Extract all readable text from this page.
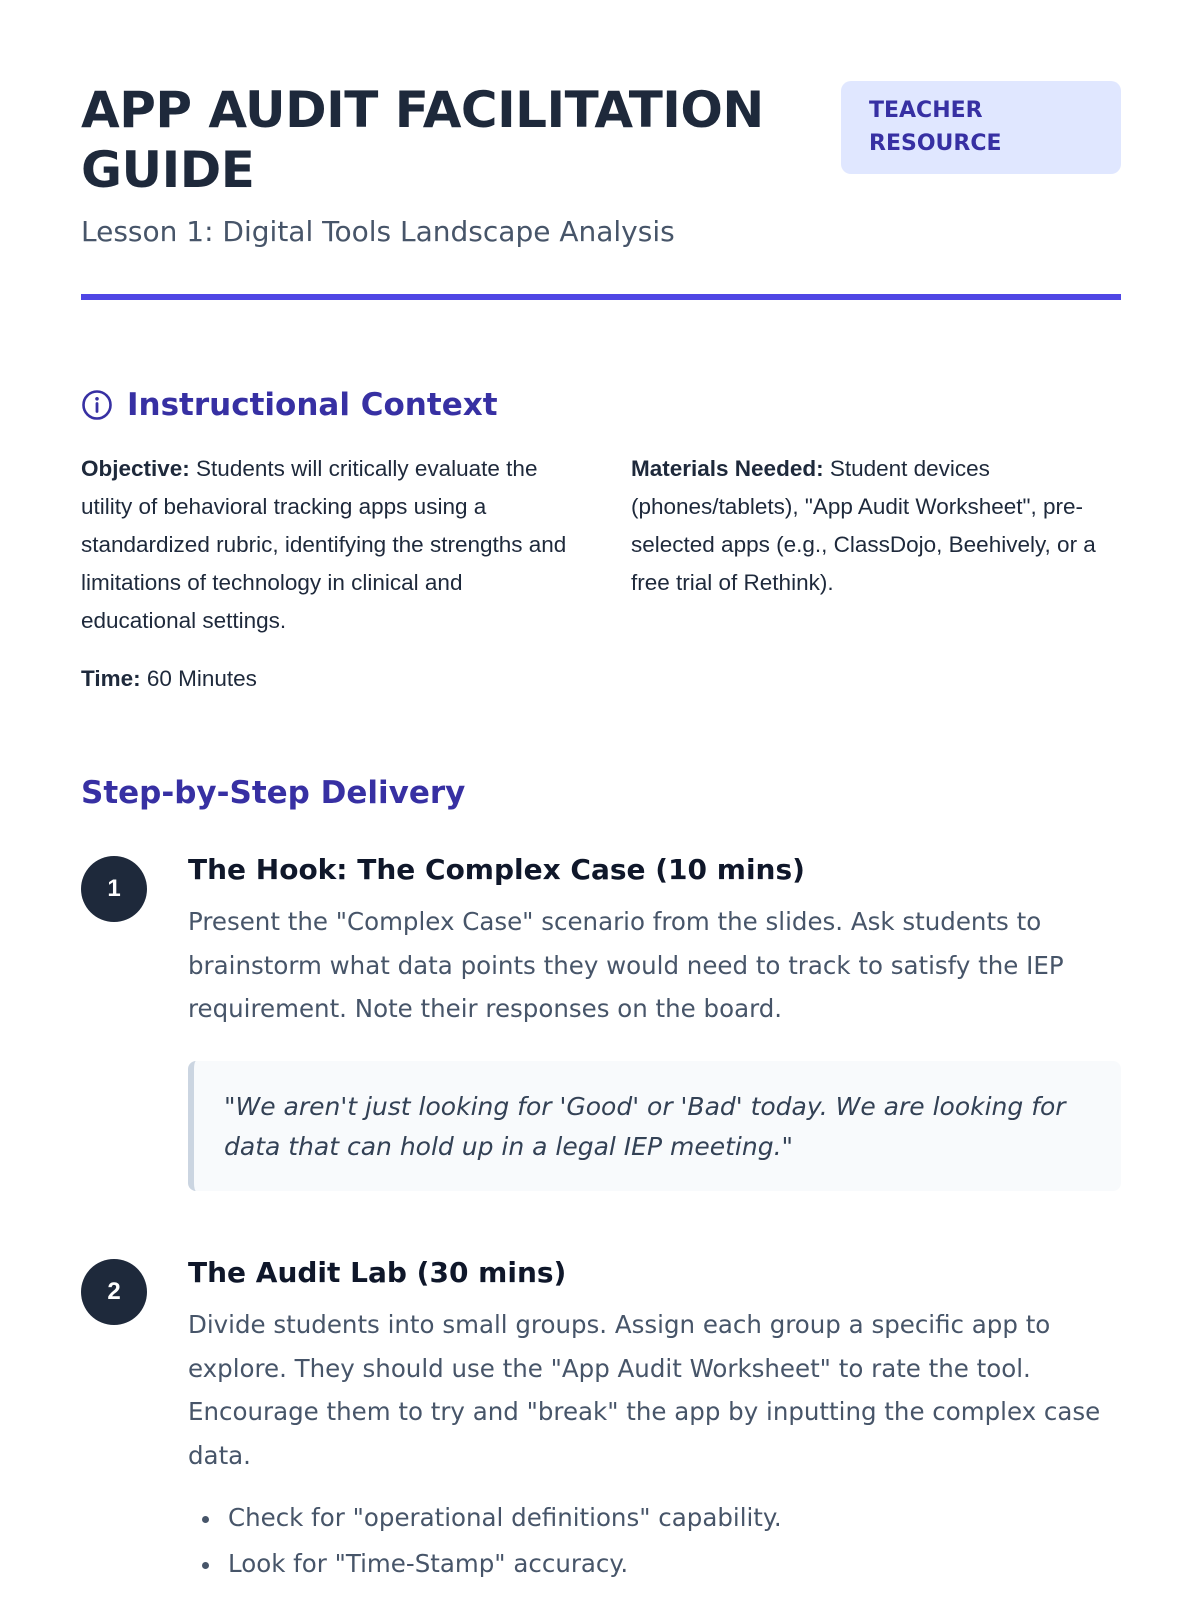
APP AUDIT FACILITATION GUIDE
Lesson 1: Digital Tools Landscape Analysis
TEACHER RESOURCE
Instructional Context

Objective: Students will critically evaluate the utility of behavioral tracking apps using a standardized rubric, identifying the strengths and limitations of technology in clinical and educational settings.

Materials Needed: Student devices (phones/tablets), "App Audit Worksheet", pre-selected apps (e.g., ClassDojo, Beehively, or a free trial of Rethink).

Time: 60 Minutes

Step-by-Step Delivery
1
The Hook: The Complex Case (10 mins)

Present the "Complex Case" scenario from the slides. Ask students to brainstorm what data points they would need to track to satisfy the IEP requirement. Note their responses on the board.

"We aren't just looking for 'Good' or 'Bad' today. We are looking for data that can hold up in a legal IEP meeting."
2
The Audit Lab (30 mins)

Divide students into small groups. Assign each group a specific app to explore. They should use the "App Audit Worksheet" to rate the tool. Encourage them to try and "break" the app by inputting the complex case data.

Check for "operational definitions" capability.
Look for "Time-Stamp" accuracy.
